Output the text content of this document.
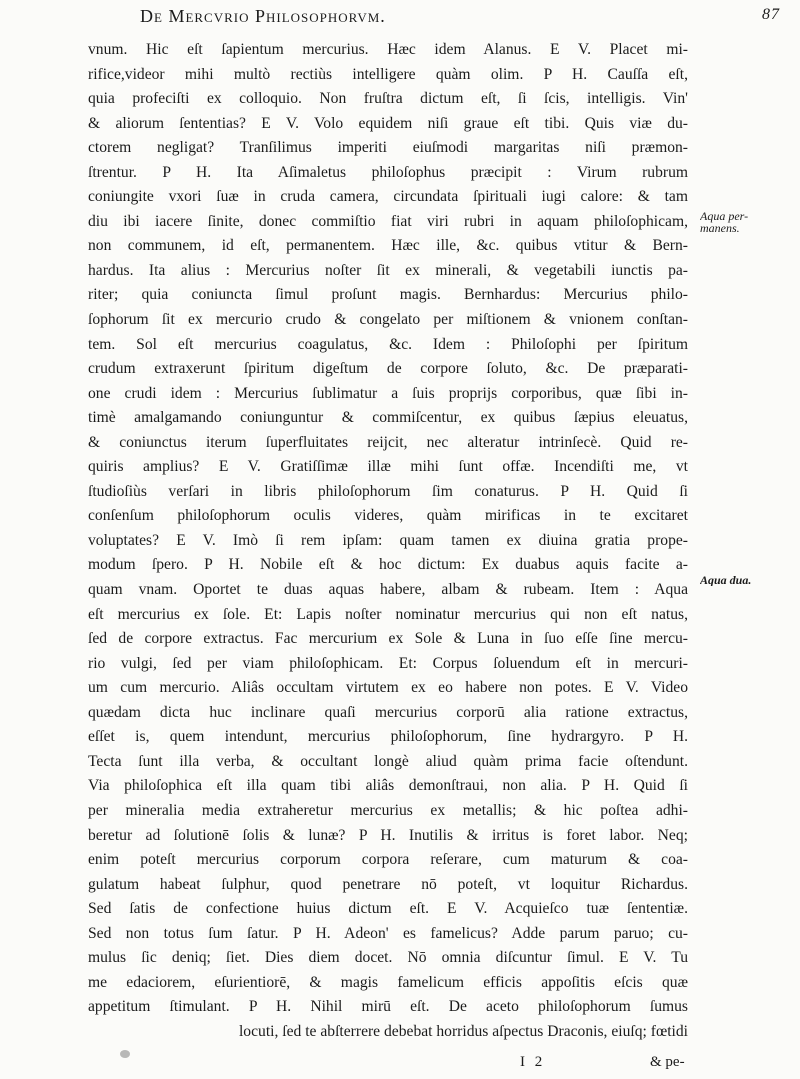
De Mercvrio Philosophorvm.	87
vnum. Hic eſt ſapientum mercurius. Hæc idem Alanus. E V. Placet mi-
rifice,videor mihi multò rectiùs intelligere quàm olim. P H. Cauſſa eſt,
quia profeciſti ex colloquio. Non fruſtra dictum eſt, ſi ſcis, intelligis. Vin'
& aliorum ſententias? E V. Volo equidem niſi graue eſt tibi. Quis viæ du-
ctorem negligat? Tranſilimus imperiti eiuſmodi margaritas niſi præmon-
ſtrentur. P H. Ita Aſimaletus philoſophus præcipit : Virum rubrum
coniungite vxori ſuæ in cruda camera, circundata ſpirituali iugi calore: & tam
diu ibi iacere ſinite, donec commiſtio fiat viri rubri in aquam philoſophicam,
non communem, id eſt, permanentem. Hæc ille, &c. quibus vtitur & Bern-
hardus. Ita alius : Mercurius noſter ſit ex minerali, & vegetabili iunctis pa-
riter; quia coniuncta ſimul proſunt magis. Bernhardus: Mercurius philo-
ſophorum ſit ex mercurio crudo & congelato per miſtionem & vnionem conſtan-
tem. Sol eſt mercurius coagulatus, &c. Idem : Philoſophi per ſpiritum
crudum extraxerunt ſpiritum digeſtum de corpore ſoluto, &c. De præparati-
one crudi idem : Mercurius ſublimatur a ſuis proprijs corporibus, quæ ſibi in-
timè amalgamando coniunguntur & commiſcentur, ex quibus ſæpius eleuatus,
& coniunctus iterum ſuperfluitates reijcit, nec alteratur intrinſecè. Quid re-
quiris amplius? E V. Gratiſſimæ illæ mihi ſunt offæ. Incendiſti me, vt
ſtudioſiùs verſari in libris philoſophorum ſim conaturus. P H. Quid ſi
conſenſum philoſophorum oculis videres, quàm mirificas in te excitaret
voluptates? E V. Imò ſi rem ipſam: quam tamen ex diuina gratia prope-
modum ſpero. P H. Nobile eſt & hoc dictum: Ex duabus aquis facite a-
quam vnam. Oportet te duas aquas habere, albam & rubeam. Item : Aqua
eſt mercurius ex ſole. Et: Lapis noſter nominatur mercurius qui non eſt natus,
ſed de corpore extractus. Fac mercurium ex Sole & Luna in ſuo eſſe ſine mercu-
rio vulgi, ſed per viam philoſophicam. Et: Corpus ſoluendum eſt in mercuri-
um cum mercurio. Aliâs occultam virtutem ex eo habere non potes. E V. Video
quædam dicta huc inclinare quaſi mercurius corporū alia ratione extractus,
eſſet is, quem intendunt, mercurius philoſophorum, ſine hydrargyro. P H.
Tecta ſunt illa verba, & occultant longè aliud quàm prima facie oſtendunt.
Via philoſophica eſt illa quam tibi aliâs demonſtraui, non alia. P H. Quid ſi
per mineralia media extraheretur mercurius ex metallis; & hic poſtea adhi-
beretur ad ſolutionē ſolis & lunæ? P H. Inutilis & irritus is foret labor. Neq;
enim poteſt mercurius corporum corpora reſerare, cum maturum & coa-
gulatum habeat ſulphur, quod penetrare nō poteſt, vt loquitur Richardus.
Sed ſatis de confectione huius dictum eſt. E V. Acquieſco tuæ ſententiæ.
Sed non totus ſum ſatur. P H. Adeon' es famelicus? Adde parum paruo; cu-
mulus ſic deniq; ſiet. Dies diem docet. Nō omnia diſcuntur ſimul. E V. Tu
me edaciorem, eſurientiorē, & magis famelicum efficis appoſitis eſcis quæ
appetitum ſtimulant. P H. Nihil mirū eſt. De aceto philoſophorum ſumus
locuti, ſed te abſterrere debebat horridus aſpectus Draconis, eiuſq; fœtidi
Aqua per-
manens.
Aqua dua.
I 2	& pe-
